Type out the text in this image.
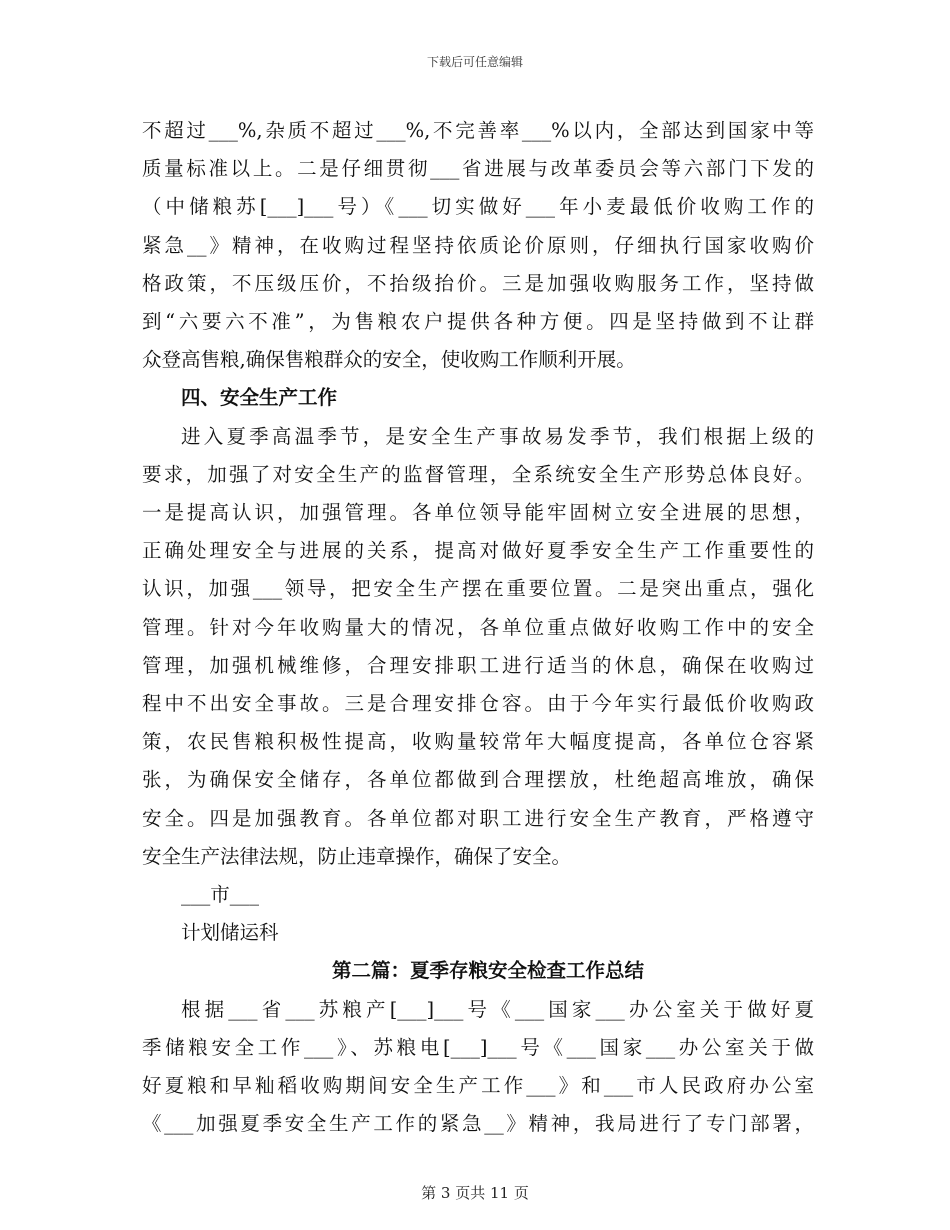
下载后可任意编辑
不超过___%,杂质不超过___%,不完善率___%以内，全部达到国家中等
质量标准以上。二是仔细贯彻___省进展与改革委员会等六部门下发的
（中储粮苏[___]___号）《___切实做好___年小麦最低价收购工作的
紧急__》精神，在收购过程坚持依质论价原则，仔细执行国家收购价
格政策，不压级压价，不抬级抬价。三是加强收购服务工作，坚持做
到“六要六不准”，为售粮农户提供各种方便。四是坚持做到不让群
众登高售粮,确保售粮群众的安全，使收购工作顺利开展。
四、安全生产工作
进入夏季高温季节，是安全生产事故易发季节，我们根据上级的
要求，加强了对安全生产的监督管理，全系统安全生产形势总体良好。
一是提高认识，加强管理。各单位领导能牢固树立安全进展的思想，
正确处理安全与进展的关系，提高对做好夏季安全生产工作重要性的
认识，加强___领导，把安全生产摆在重要位置。二是突出重点，强化
管理。针对今年收购量大的情况，各单位重点做好收购工作中的安全
管理，加强机械维修，合理安排职工进行适当的休息，确保在收购过
程中不出安全事故。三是合理安排仓容。由于今年实行最低价收购政
策，农民售粮积极性提高，收购量较常年大幅度提高，各单位仓容紧
张，为确保安全储存，各单位都做到合理摆放，杜绝超高堆放，确保
安全。四是加强教育。各单位都对职工进行安全生产教育，严格遵守
安全生产法律法规，防止违章操作，确保了安全。
___市___
计划储运科
第二篇：夏季存粮安全检查工作总结
根据___省___苏粮产[___]___号《___国家___办公室关于做好夏
季储粮安全工作___》、苏粮电[___]___号《___国家___办公室关于做
好夏粮和早籼稻收购期间安全生产工作___》和___市人民政府办公室
《___加强夏季安全生产工作的紧急__》精神，我局进行了专门部署，
第 3 页共 11 页
